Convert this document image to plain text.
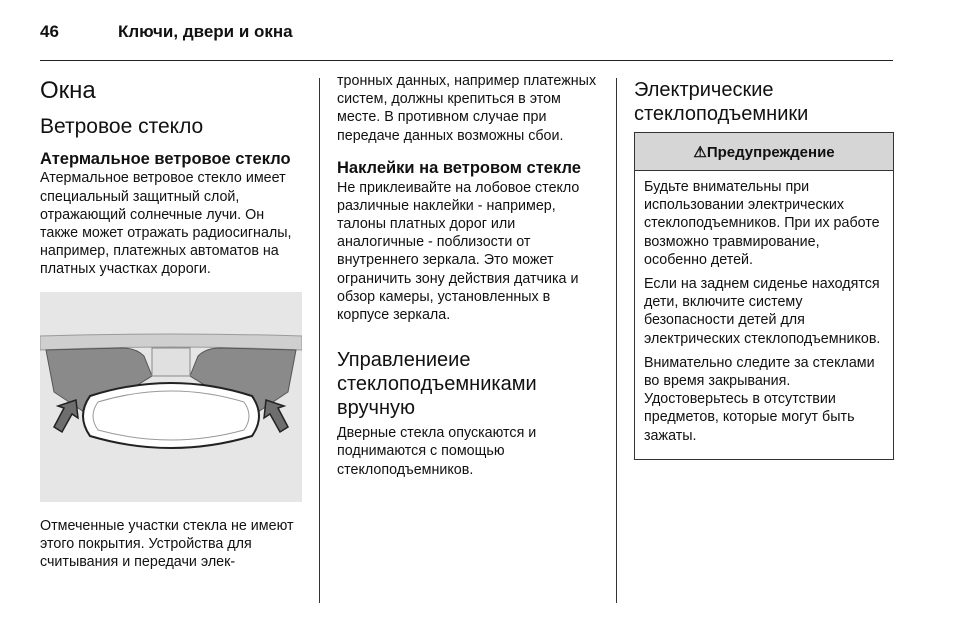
46	Ключи, двери и окна
Окна
Ветровое стекло
Атермальное ветровое стекло

Атермальное ветровое стекло имеет специальный защитный слой, отражающий солнечные лучи. Он также может отражать радиосигналы, например, платежных автоматов на платных участках дороги.

Отмеченные участки стекла не имеют этого покрытия. Устройства для считывания и передачи элек-

тронных данных, например платежных систем, должны крепиться в этом месте. В противном случае при передаче данных возможны сбои.

Наклейки на ветровом стекле

Не приклеивайте на лобовое стекло различные наклейки - например, талоны платных дорог или аналогичные - поблизости от внутреннего зеркала. Это может ограничить зону действия датчика и обзор камеры, установленных в корпусе зеркала.

Управлениеие стеклоподъемниками вручную

Дверные стекла опускаются и поднимаются с помощью стеклоподъемников.

Электрические стеклоподъемники
⚠Предупреждение

Будьте внимательны при использовании электрических стеклоподъемников. При их работе возможно травмирование, особенно детей.

Если на заднем сиденье находятся дети, включите систему безопасности детей для электрических стеклоподъемников.

Внимательно следите за стеклами во время закрывания. Удостоверьтесь в отсутствии предметов, которые могут быть зажаты.
